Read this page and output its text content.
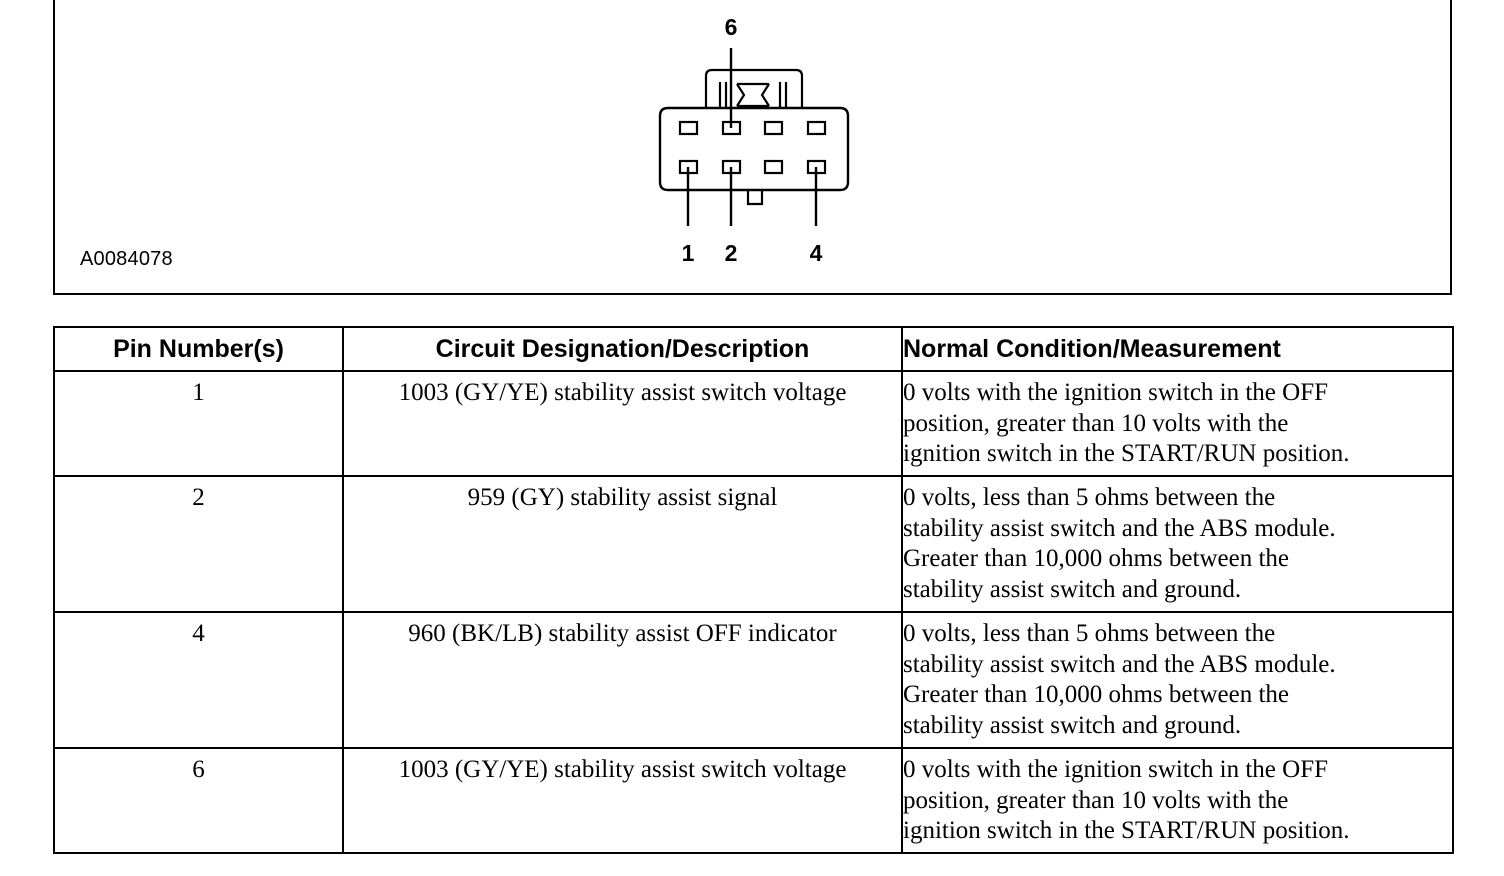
6
1 2	4
A0084078
Pin Number(s)	Circuit Designation/Description	Normal Condition/Measurement
1	1003 (GY/YE) stability assist switch voltage	0 volts with the ignition switch in the OFF
position, greater than 10 volts with the
ignition switch in the START/RUN position.

2	959 (GY) stability assist signal	0 volts, less than 5 ohms between the
stability assist switch and the ABS module.
Greater than 10,000 ohms between the
stability assist switch and ground.

4	960 (BK/LB) stability assist OFF indicator	0 volts, less than 5 ohms between the
stability assist switch and the ABS module.
Greater than 10,000 ohms between the
stability assist switch and ground.

6	1003 (GY/YE) stability assist switch voltage	0 volts with the ignition switch in the OFF
position, greater than 10 volts with the
ignition switch in the START/RUN position.
